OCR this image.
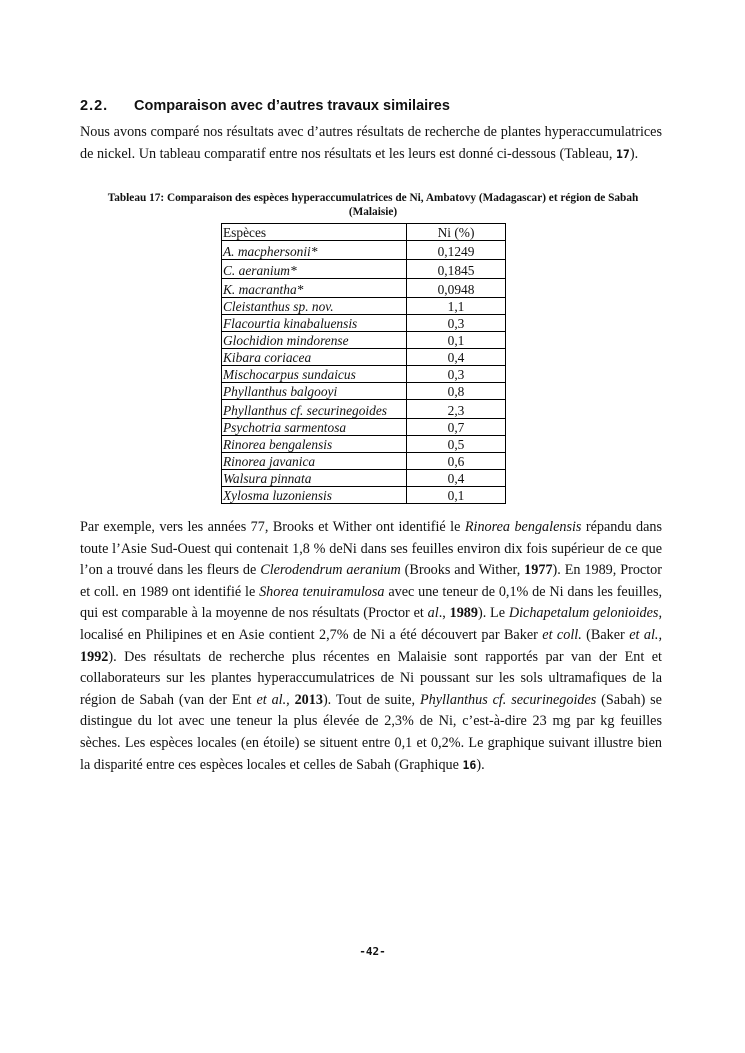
2.2. Comparaison avec d’autres travaux similaires

Nous avons comparé nos résultats avec d’autres résultats de recherche de plantes hyperaccumulatrices de nickel. Un tableau comparatif entre nos résultats et les leurs est donné ci-dessous (Tableau, 17).

Tableau 17: Comparaison des espèces hyperaccumulatrices de Ni, Ambatovy (Madagascar) et région de Sabah (Malaisie)
Espèces	Ni (%)
A. macphersonii*	0,1249
C. aeranium*	0,1845
K. macrantha*	0,0948
Cleistanthus sp. nov.	1,1
Flacourtia kinabaluensis	0,3
Glochidion mindorense	0,1
Kibara coriacea	0,4
Mischocarpus sundaicus	0,3
Phyllanthus balgooyi	0,8
Phyllanthus cf. securinegoides	2,3
Psychotria sarmentosa	0,7
Rinorea bengalensis	0,5
Rinorea javanica	0,6
Walsura pinnata	0,4
Xylosma luzoniensis	0,1

Par exemple, vers les années 77, Brooks et Wither ont identifié le Rinorea bengalensis répandu dans toute l’Asie Sud-Ouest qui contenait 1,8 % deNi dans ses feuilles environ dix fois supérieur de ce que l’on a trouvé dans les fleurs de Clerodendrum aeranium (Brooks and Wither, 1977). En 1989, Proctor et coll. en 1989 ont identifié le Shorea tenuiramulosa avec une teneur de 0,1% de Ni dans les feuilles, qui est comparable à la moyenne de nos résultats (Proctor et al., 1989). Le Dichapetalum gelonioides, localisé en Philipines et en Asie contient 2,7% de Ni a été découvert par Baker et coll. (Baker et al., 1992). Des résultats de recherche plus récentes en Malaisie sont rapportés par van der Ent et collaborateurs sur les plantes hyperaccumulatrices de Ni poussant sur les sols ultramafiques de la région de Sabah (van der Ent et al., 2013). Tout de suite, Phyllanthus cf. securinegoides (Sabah) se distingue du lot avec une teneur la plus élevée de 2,3% de Ni, c’est-à-dire 23 mg par kg feuilles sèches. Les espèces locales (en étoile) se situent entre 0,1 et 0,2%. Le graphique suivant illustre bien la disparité entre ces espèces locales et celles de Sabah (Graphique 16).

-42-
